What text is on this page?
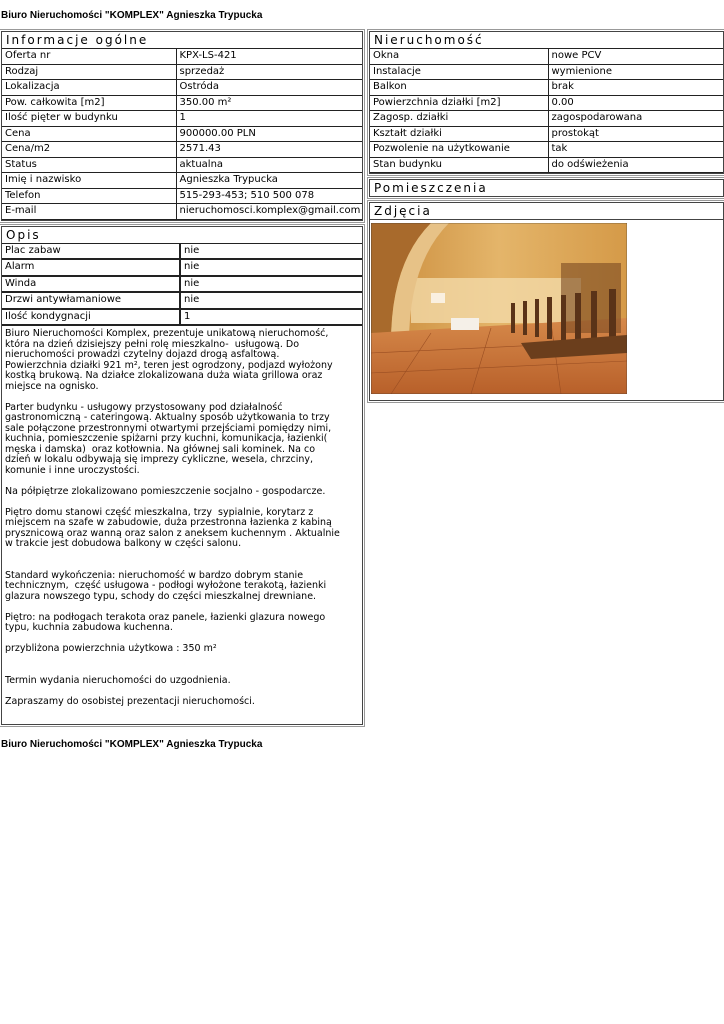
Biuro Nieruchomości "KOMPLEX" Agnieszka Trypucka
Informacje ogólne
Oferta nr	KPX-LS-421
Rodzaj	sprzedaż
Lokalizacja	Ostróda
Pow. całkowita [m2]	350.00 m²
Ilość pięter w budynku	1
Cena	900000.00 PLN
Cena/m2	2571.43
Status	aktualna
Imię i nazwisko	Agnieszka Trypucka
Telefon	515-293-453; 510 500 078
E-mail	nieruchomosci.komplex@gmail.com
Opis
Plac zabaw	nie
Alarm	nie
Winda	nie
Drzwi antywłamaniowe	nie
Ilość kondygnacji	1
Biuro Nieruchomości Komplex, prezentuje unikatową nieruchomość,
która na dzień dzisiejszy pełni rolę mieszkalno-  usługową. Do
nieruchomości prowadzi czytelny dojazd drogą asfaltową.
Powierzchnia działki 921 m², teren jest ogrodzony, podjazd wyłożony
kostką brukową. Na działce zlokalizowana duża wiata grillowa oraz
miejsce na ognisko.

Parter budynku - usługowy przystosowany pod działalność
gastronomiczną - cateringową. Aktualny sposób użytkowania to trzy
sale połączone przestronnymi otwartymi przejściami pomiędzy nimi,
kuchnia, pomieszczenie spiżarni przy kuchni, komunikacja, łazienki(
męska i damska)  oraz kotłownia. Na głównej sali kominek. Na co
dzień w lokalu odbywają się imprezy cykliczne, wesela, chrzciny,
komunie i inne uroczystości.

Na półpiętrze zlokalizowano pomieszczenie socjalno - gospodarcze.

Piętro domu stanowi część mieszkalna, trzy  sypialnie, korytarz z
miejscem na szafe w zabudowie, duża przestronna łazienka z kabiną
prysznicową oraz wanną oraz salon z aneksem kuchennym . Aktualnie
w trakcie jest dobudowa balkony w części salonu.

Standard wykończenia: nieruchomość w bardzo dobrym stanie
technicznym,  część usługowa - podłogi wyłożone terakotą, łazienki
glazura nowszego typu, schody do części mieszkalnej drewniane.

Piętro: na podłogach terakota oraz panele, łazienki glazura nowego
typu, kuchnia zabudowa kuchenna.

przybliżona powierzchnia użytkowa : 350 m²

Termin wydania nieruchomości do uzgodnienia.

Zapraszamy do osobistej prezentacji nieruchomości.
Nieruchomość
Okna	nowe PCV
Instalacje	wymienione
Balkon	brak
Powierzchnia działki [m2]	0.00
Zagosp. działki	zagospodarowana
Kształt działki	prostokąt
Pozwolenie na użytkowanie	tak
Stan budynku	do odświeżenia
Pomieszczenia
Zdjęcia
Biuro Nieruchomości "KOMPLEX" Agnieszka Trypucka
